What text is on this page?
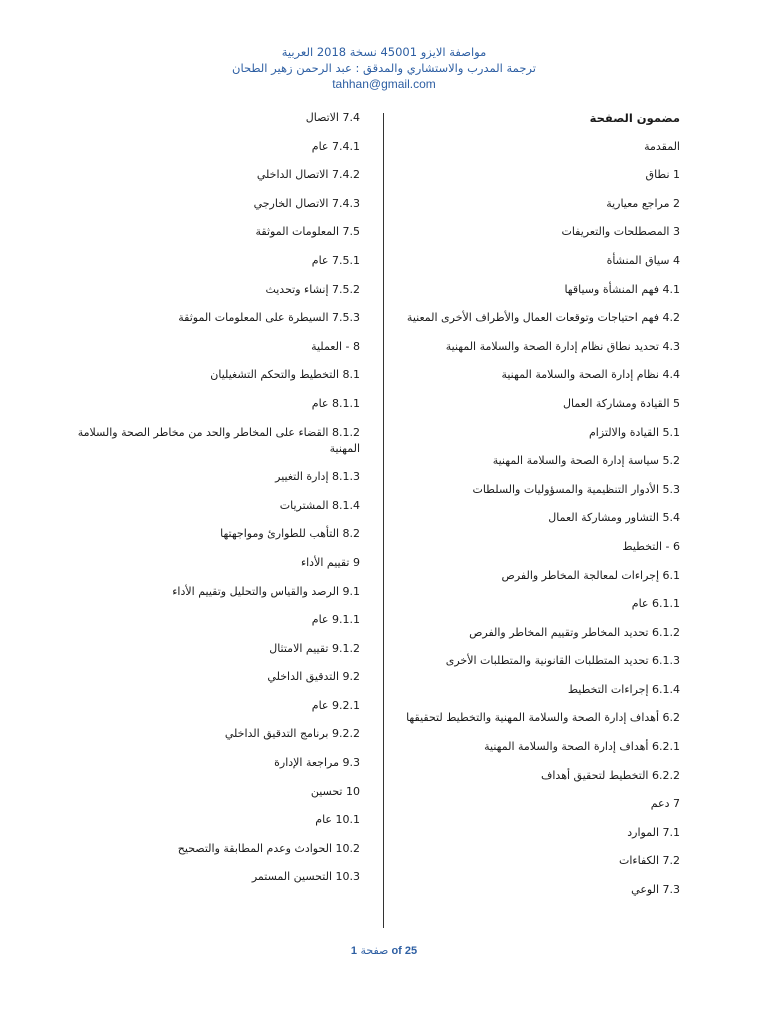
مواصفة الايزو 45001 نسخة 2018 العربية
ترجمة المدرب والاستشاري والمدقق : عبد الرحمن زهير الطحان
tahhan@gmail.com
مضمون الصفحة
المقدمة
1 نطاق
2 مراجع معيارية
3 المصطلحات والتعريفات
4 سياق المنشأة
4.1 فهم المنشأة وسياقها
4.2 فهم احتياجات وتوقعات العمال والأطراف الأخرى المعنية
4.3 تحديد نطاق نظام إدارة الصحة والسلامة المهنية
4.4 نظام إدارة الصحة والسلامة المهنية
5 القيادة ومشاركة العمال
5.1 القيادة والالتزام
5.2 سياسة إدارة الصحة والسلامة المهنية
5.3 الأدوار التنظيمية والمسؤوليات والسلطات
5.4 التشاور ومشاركة العمال
6 - التخطيط
6.1 إجراءات لمعالجة المخاطر والفرص
6.1.1 عام
6.1.2 تحديد المخاطر وتقييم المخاطر والفرص
6.1.3 تحديد المتطلبات القانونية والمتطلبات الأخرى
6.1.4 إجراءات التخطيط
6.2 أهداف إدارة الصحة والسلامة المهنية والتخطيط لتحقيقها
6.2.1 أهداف إدارة الصحة والسلامة المهنية
6.2.2 التخطيط لتحقيق أهداف
7 دعم
7.1 الموارد
7.2 الكفاءات
7.3 الوعي
7.4 الاتصال
7.4.1 عام
7.4.2 الاتصال الداخلي
7.4.3 الاتصال الخارجي
7.5 المعلومات الموثقة
7.5.1 عام
7.5.2 إنشاء وتحديث
7.5.3 السيطرة على المعلومات الموثقة
8 - العملية
8.1 التخطيط والتحكم التشغيليان
8.1.1 عام
8.1.2 القضاء على المخاطر والحد من مخاطر الصحة والسلامة المهنية
8.1.3 إدارة التغيير
8.1.4 المشتريات
8.2 التأهب للطوارئ ومواجهتها
9 تقييم الأداء
9.1 الرصد والقياس والتحليل وتقييم الأداء
9.1.1 عام
9.1.2 تقييم الامتثال
9.2 التدقيق الداخلي
9.2.1 عام
9.2.2 برنامج التدقيق الداخلي
9.3 مراجعة الإدارة
10 تحسين
10.1 عام
10.2 الحوادث وعدم المطابقة والتصحيح
10.3 التحسين المستمر
صفحة 1 of 25
